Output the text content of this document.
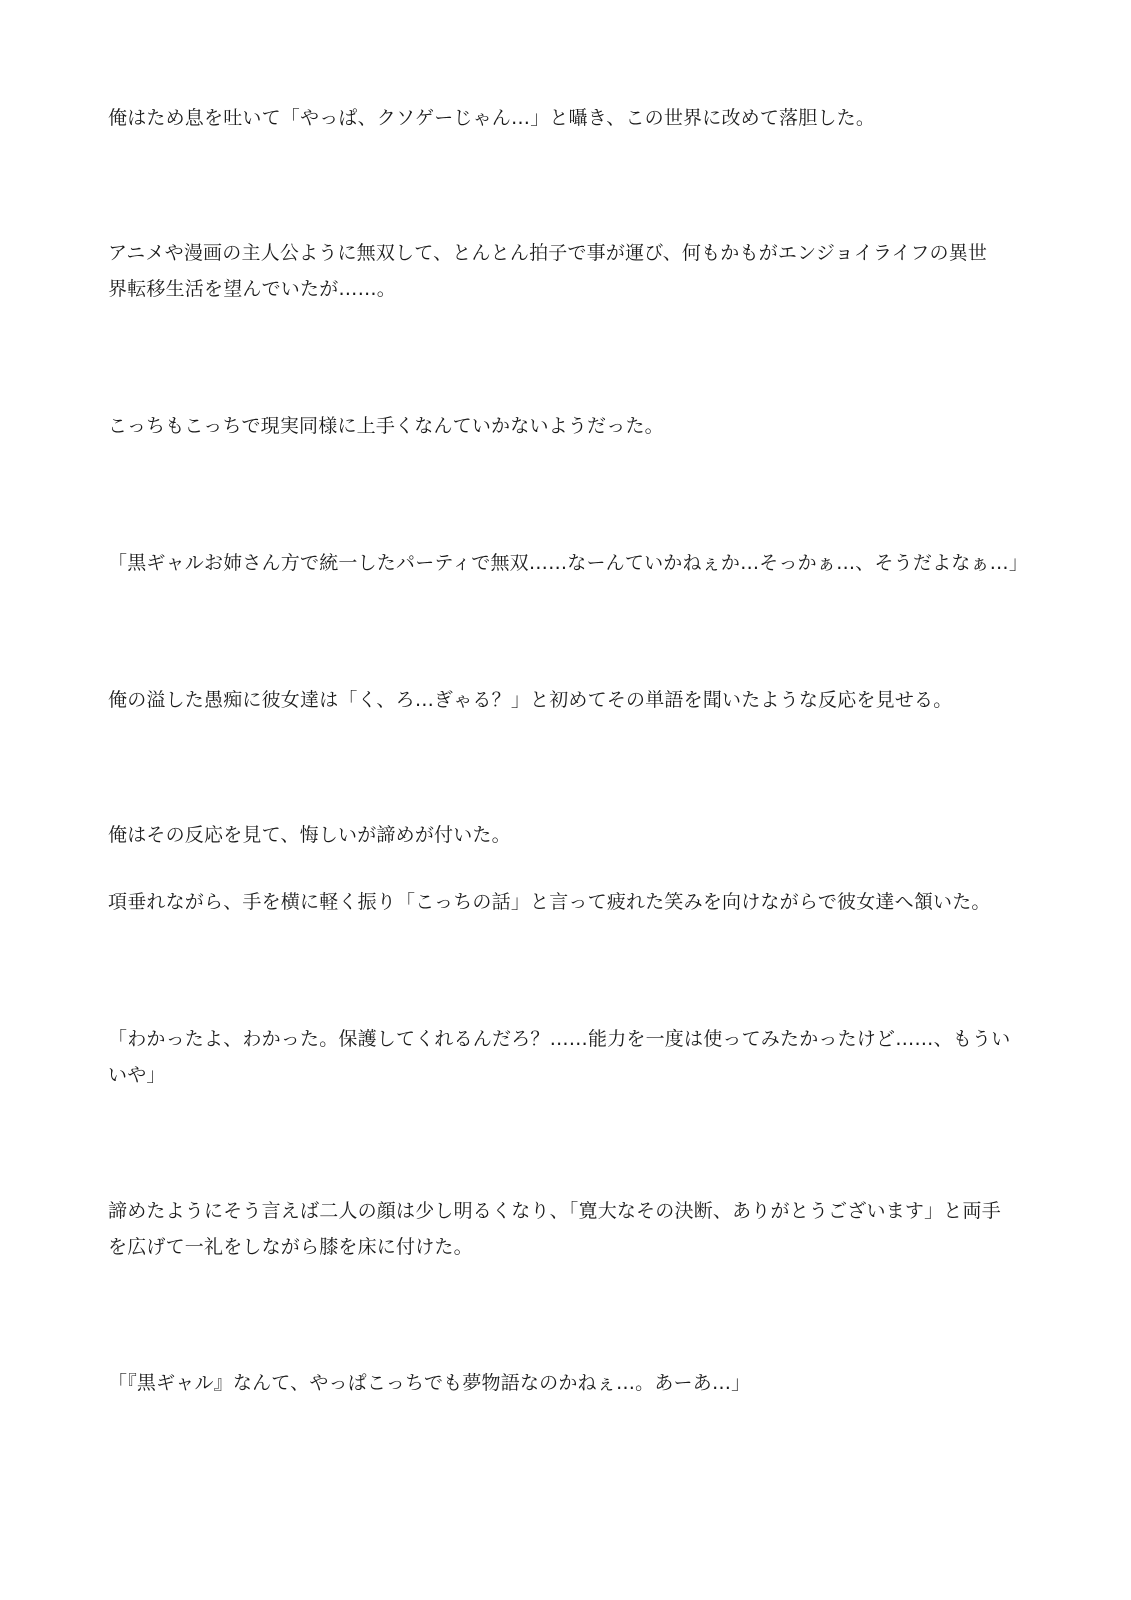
俺はため息を吐いて「やっぱ、クソゲーじゃん…」と囁き、この世界に改めて落胆した。

アニメや漫画の主人公ように無双して、とんとん拍子で事が運び、何もかもがエンジョイライフの異世
界転移生活を望んでいたが……。

こっちもこっちで現実同様に上手くなんていかないようだった。

「黒ギャルお姉さん方で統一したパーティで無双……なーんていかねぇか…そっかぁ…、そうだよなぁ…」

俺の溢した愚痴に彼女達は「く、ろ…ぎゃる？」と初めてその単語を聞いたような反応を見せる。

俺はその反応を見て、悔しいが諦めが付いた。

項垂れながら、手を横に軽く振り「こっちの話」と言って疲れた笑みを向けながらで彼女達へ頷いた。

「わかったよ、わかった。保護してくれるんだろ？……能力を一度は使ってみたかったけど……、もうい
いや」

諦めたようにそう言えば二人の顔は少し明るくなり、「寛大なその決断、ありがとうございます」と両手
を広げて一礼をしながら膝を床に付けた。

「『黒ギャル』なんて、やっぱこっちでも夢物語なのかねぇ…。あーあ…」
